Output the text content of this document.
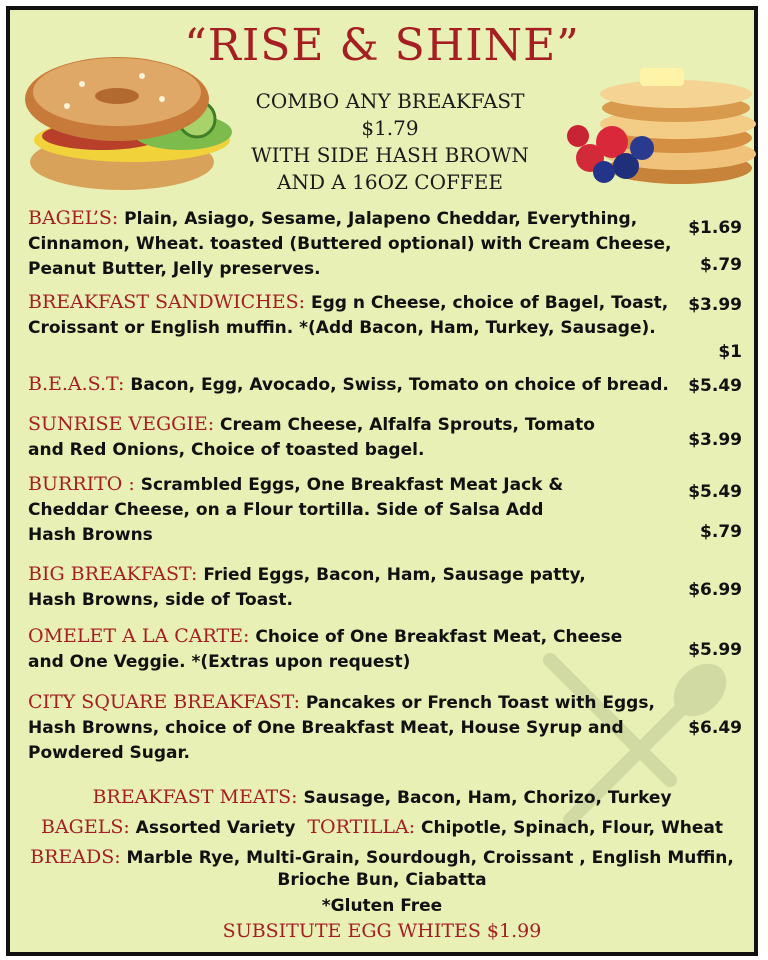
“RISE & SHINE”
COMBO ANY BREAKFAST $1.79
WITH SIDE HASH BROWN
AND A 16OZ COFFEE
BAGEL’S: Plain, Asiago, Sesame, Jalapeno Cheddar, Everything, Cinnamon, Wheat. toasted (Buttered optional) with Cream Cheese, Peanut Butter, Jelly preserves.
$1.69
$.79
BREAKFAST SANDWICHES: Egg n Cheese, choice of Bagel, Toast, Croissant or English muffin. *(Add Bacon, Ham, Turkey, Sausage).
$3.99
$1
B.E.A.S.T: Bacon, Egg, Avocado, Swiss, Tomato on choice of bread. $5.49
SUNRISE VEGGIE: Cream Cheese, Alfalfa Sprouts, Tomato and Red Onions, Choice of toasted bagel.	$3.99
BURRITO : Scrambled Eggs, One Breakfast Meat Jack & Cheddar Cheese, on a Flour tortilla. Side of Salsa Add Hash Browns
$5.49
$.79
BIG BREAKFAST: Fried Eggs, Bacon, Ham, Sausage patty, Hash Browns, side of Toast.	$6.99
OMELET A LA CARTE: Choice of One Breakfast Meat, Cheese and One Veggie. *(Extras upon request)
$5.99
CITY SQUARE BREAKFAST: Pancakes or French Toast with Eggs, Hash Browns, choice of One Breakfast Meat, House Syrup and Powdered Sugar.
$6.49
BREAKFAST MEATS: Sausage, Bacon, Ham, Chorizo, Turkey
BAGELS: Assorted Variety  TORTILLA: Chipotle, Spinach, Flour, Wheat
BREADS: Marble Rye, Multi-Grain, Sourdough, Croissant , English Muffin,
Brioche Bun, Ciabatta
*Gluten Free
SUBSITUTE EGG WHITES $1.99
